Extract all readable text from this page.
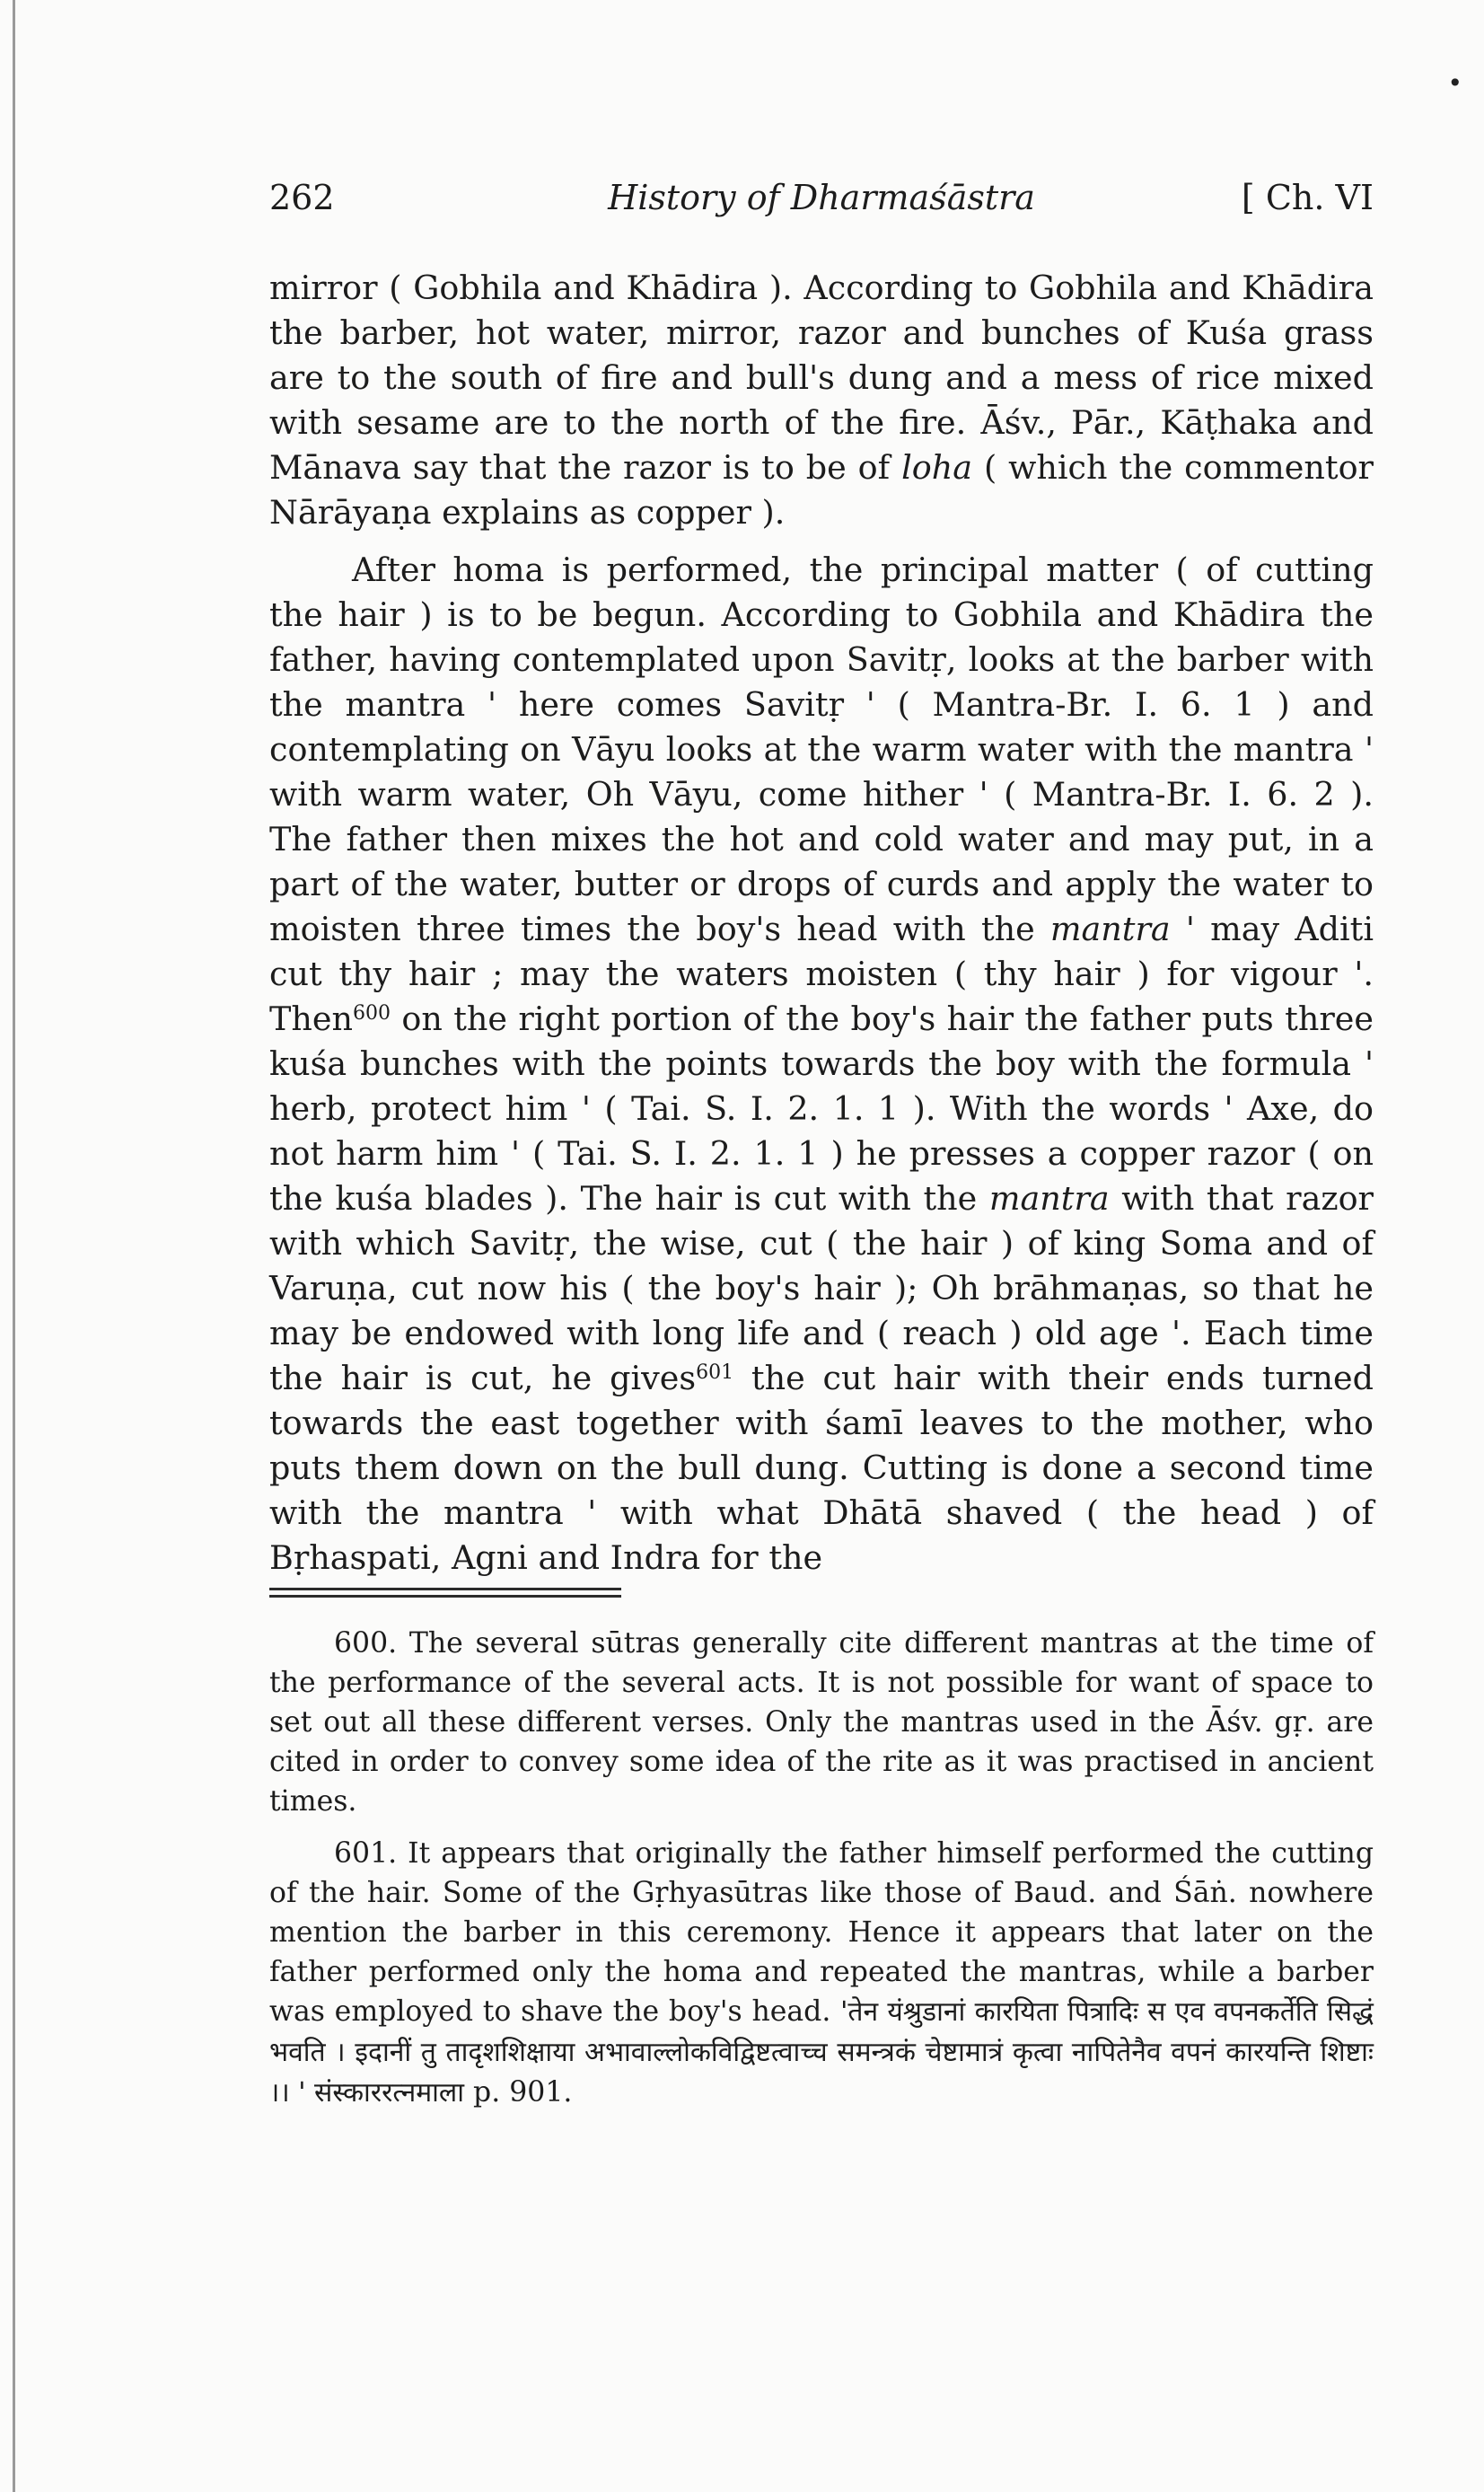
•
262	History of Dharmaśāstra	[ Ch. VI

mirror ( Gobhila and Khādira ). According to Gobhila and Khādira the barber, hot water, mirror, razor and bunches of Kuśa grass are to the south of fire and bull's dung and a mess of rice mixed with sesame are to the north of the fire. Āśv., Pār., Kāṭhaka and Mānava say that the razor is to be of loha ( which the commentor Nārāyaṇa explains as copper ).

After homa is performed, the principal matter ( of cutting the hair ) is to be begun. According to Gobhila and Khādira the father, having contemplated upon Savitṛ, looks at the barber with the mantra ' here comes Savitṛ ' ( Mantra-Br. I. 6. 1 ) and contemplating on Vāyu looks at the warm water with the mantra ' with warm water, Oh Vāyu, come hither ' ( Mantra-Br. I. 6. 2 ). The father then mixes the hot and cold water and may put, in a part of the water, butter or drops of curds and apply the water to moisten three times the boy's head with the mantra ' may Aditi cut thy hair ; may the waters moisten ( thy hair ) for vigour '. Then$^{600}$ on the right portion of the boy's hair the father puts three kuśa bunches with the points towards the boy with the formula ' herb, protect him ' ( Tai. S. I. 2. 1. 1 ). With the words ' Axe, do not harm him ' ( Tai. S. I. 2. 1. 1 ) he presses a copper razor ( on the kuśa blades ). The hair is cut with the mantra with that razor with which Savitṛ, the wise, cut ( the hair ) of king Soma and of Varuṇa, cut now his ( the boy's hair ); Oh brāhmaṇas, so that he may be endowed with long life and ( reach ) old age '. Each time the hair is cut, he gives$^{601}$ the cut hair with their ends turned towards the east together with śamī leaves to the mother, who puts them down on the bull dung. Cutting is done a second time with the mantra ' with what Dhātā shaved ( the head ) of Bṛhaspati, Agni and Indra for the

600. The several sūtras generally cite different mantras at the time of the performance of the several acts. It is not possible for want of space to set out all these different verses. Only the mantras used in the Āśv. gṛ. are cited in order to convey some idea of the rite as it was practised in ancient times.

601. It appears that originally the father himself performed the cutting of the hair. Some of the Gṛhyasūtras like those of Baud. and Śāṅ. nowhere mention the barber in this ceremony. Hence it appears that later on the father performed only the homa and repeated the mantras, while a barber was employed to shave the boy's head. 'तेन यंश्रुडानां कारयिता पित्रादिः स एव वपनकर्तेति सिद्धं भवति । इदानीं तु तादृशशिक्षाया अभावाल्लोकविद्विष्टत्वाच्च समन्त्रकं चेष्टामात्रं कृत्वा नापितेनैव वपनं कारयन्ति शिष्टाः ।। ' संस्काररत्नमाला p. 901.
